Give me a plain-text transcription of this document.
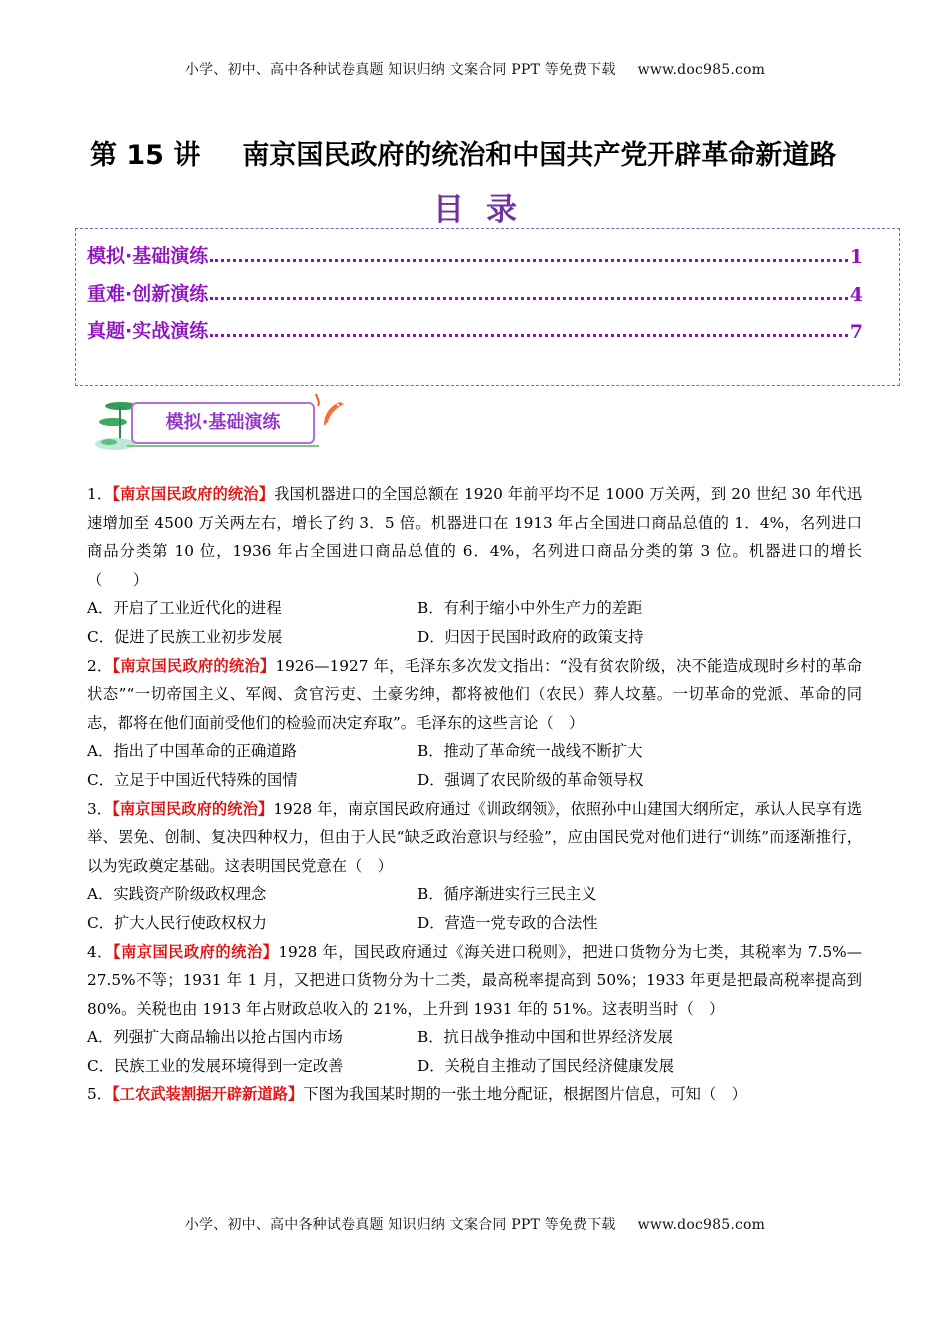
小学、初中、高中各种试卷真题 知识归纳 文案合同 PPT 等免费下载 www.doc985.com
第 15 讲 南京国民政府的统治和中国共产党开辟革命新道路
目录
模拟·基础演练	1
重难·创新演练	4
真题·实战演练	7
模拟·基础演练
1．【南京国民政府的统治】我国机器进口的全国总额在 1920 年前平均不足 1000 万关两，到 20 世纪 30 年代迅速增加至 4500 万关两左右，增长了约 3．5 倍。机器进口在 1913 年占全国进口商品总值的 1．4%，名列进口商品分类第 10 位，1936 年占全国进口商品总值的 6．4%，名列进口商品分类的第 3 位。机器进口的增长（　　）
A．开启了工业近代化的进程	B．有利于缩小中外生产力的差距
C．促进了民族工业初步发展	D．归因于民国时政府的政策支持
2．【南京国民政府的统治】1926—1927 年，毛泽东多次发文指出：“没有贫农阶级，决不能造成现时乡村的革命状态”“一切帝国主义、军阀、贪官污吏、土豪劣绅，都将被他们（农民）葬人坟墓。一切革命的党派、革命的同志，都将在他们面前受他们的检验而决定弃取”。毛泽东的这些言论（　）
A．指出了中国革命的正确道路	B．推动了革命统一战线不断扩大
C．立足于中国近代特殊的国情	D．强调了农民阶级的革命领导权
3．【南京国民政府的统治】1928 年，南京国民政府通过《训政纲领》，依照孙中山建国大纲所定，承认人民享有选举、罢免、创制、复决四种权力，但由于人民“缺乏政治意识与经验”，应由国民党对他们进行“训练”而逐渐推行，以为宪政奠定基础。这表明国民党意在（　）
A．实践资产阶级政权理念	B．循序渐进实行三民主义
C．扩大人民行使政权权力	D．营造一党专政的合法性
4．【南京国民政府的统治】1928 年，国民政府通过《海关进口税则》，把进口货物分为七类，其税率为 7.5%—27.5%不等；1931 年 1 月，又把进口货物分为十二类，最高税率提高到 50%；1933 年更是把最高税率提高到 80%。关税也由 1913 年占财政总收入的 21%，上升到 1931 年的 51%。这表明当时（　）
A．列强扩大商品输出以抢占国内市场	B．抗日战争推动中国和世界经济发展
C．民族工业的发展环境得到一定改善	D．关税自主推动了国民经济健康发展
5．【工农武装割据开辟新道路】下图为我国某时期的一张土地分配证，根据图片信息，可知（　）
小学、初中、高中各种试卷真题 知识归纳 文案合同 PPT 等免费下载 www.doc985.com
